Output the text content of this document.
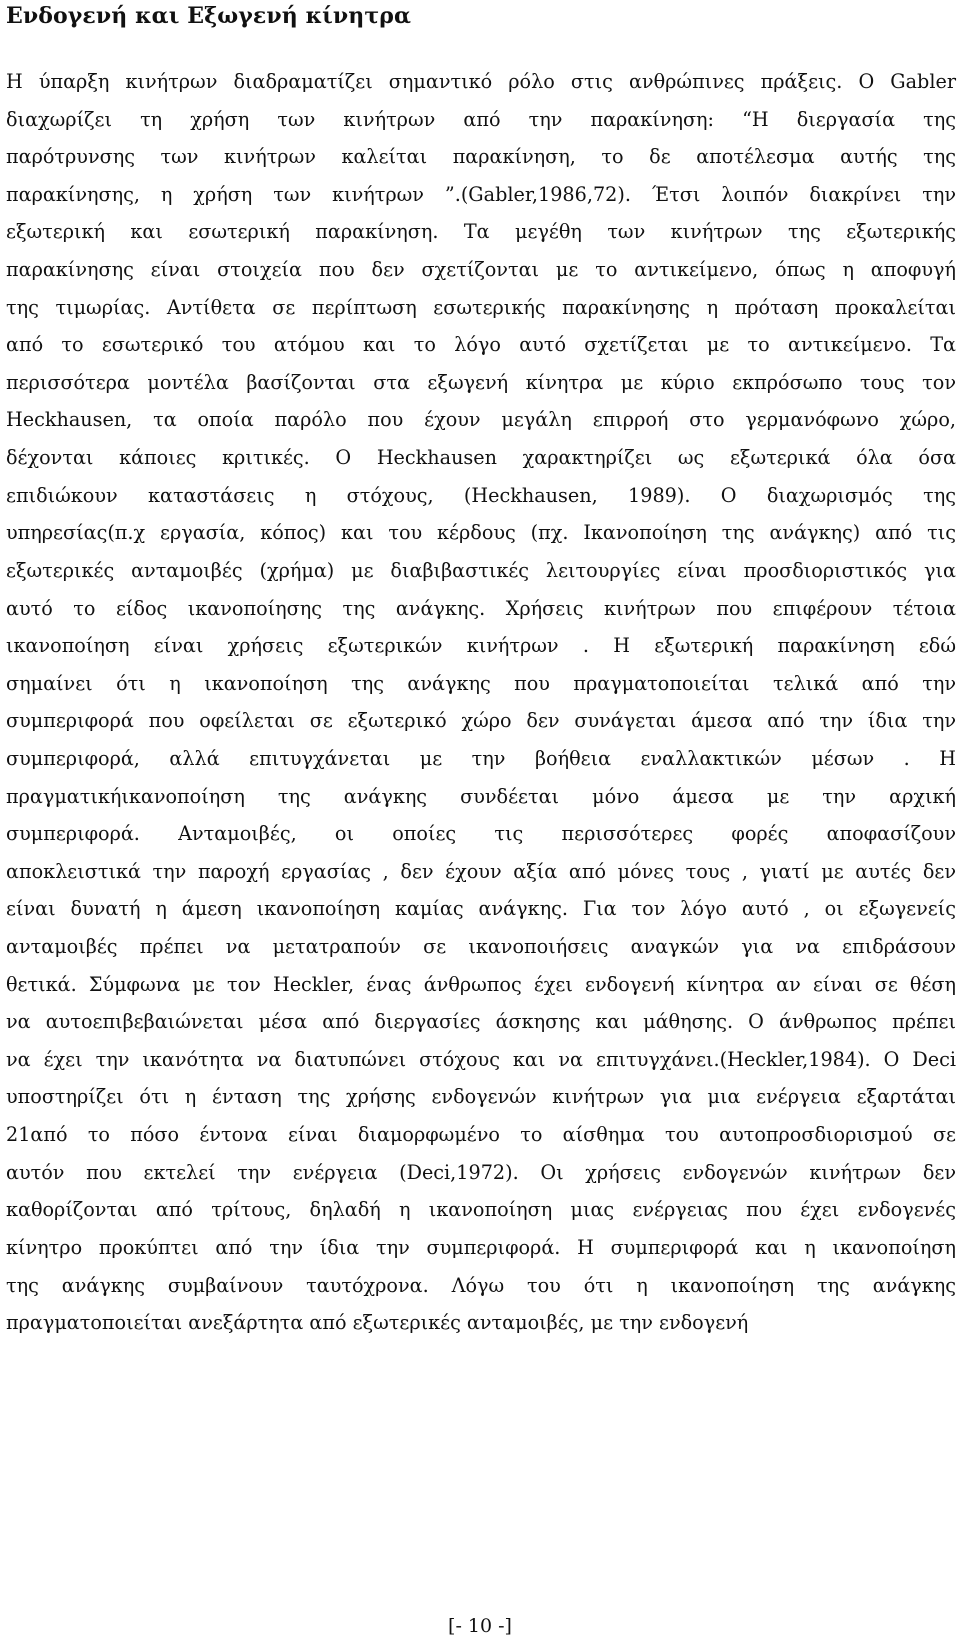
Ενδογενή και Εξωγενή κίνητρα
Η ύπαρξη κινήτρων διαδραματίζει σημαντικό ρόλο στις ανθρώπινες πράξεις. Ο Gabler
διαχωρίζει τη χρήση των κινήτρων από την παρακίνηση: “Η διεργασία της
παρότρυνσης των κινήτρων καλείται παρακίνηση, το δε αποτέλεσμα αυτής της
παρακίνησης, η χρήση των κινήτρων ”.(Gabler,1986,72). Έτσι λοιπόν διακρίνει την
εξωτερική και εσωτερική παρακίνηση. Τα μεγέθη των κινήτρων της εξωτερικής
παρακίνησης είναι στοιχεία που δεν σχετίζονται με το αντικείμενο, όπως η αποφυγή
της τιμωρίας. Αντίθετα σε περίπτωση εσωτερικής παρακίνησης η πρόταση προκαλείται
από το εσωτερικό του ατόμου και το λόγο αυτό σχετίζεται με το αντικείμενο. Τα
περισσότερα μοντέλα βασίζονται στα εξωγενή κίνητρα με κύριο εκπρόσωπο τους τον
Heckhausen, τα οποία παρόλο που έχουν μεγάλη επιρροή στο γερμανόφωνο χώρο,
δέχονται κάποιες κριτικές. Ο Heckhausen χαρακτηρίζει ως εξωτερικά όλα όσα
επιδιώκουν καταστάσεις η στόχους, (Heckhausen, 1989). Ο διαχωρισμός της
υπηρεσίας(π.χ εργασία, κόπος) και του κέρδους (πχ. Ικανοποίηση της ανάγκης) από τις
εξωτερικές ανταμοιβές (χρήμα) με διαβιβαστικές λειτουργίες είναι προσδιοριστικός για
αυτό το είδος ικανοποίησης της ανάγκης. Χρήσεις κινήτρων που επιφέρουν τέτοια
ικανοποίηση είναι χρήσεις εξωτερικών κινήτρων . Η εξωτερική παρακίνηση εδώ
σημαίνει ότι η ικανοποίηση της ανάγκης που πραγματοποιείται τελικά από την
συμπεριφορά που οφείλεται σε εξωτερικό χώρο δεν συνάγεται άμεσα από την ίδια την
συμπεριφορά, αλλά επιτυγχάνεται με την βοήθεια εναλλακτικών μέσων . Η
πραγματικήικανοποίηση της ανάγκης συνδέεται μόνο άμεσα με την αρχική
συμπεριφορά. Ανταμοιβές, οι οποίες τις περισσότερες φορές αποφασίζουν
αποκλειστικά την παροχή εργασίας , δεν έχουν αξία από μόνες τους , γιατί με αυτές δεν
είναι δυνατή η άμεση ικανοποίηση καμίας ανάγκης. Για τον λόγο αυτό , οι εξωγενείς
ανταμοιβές πρέπει να μετατραπούν σε ικανοποιήσεις αναγκών για να επιδράσουν
θετικά. Σύμφωνα με τον Heckler, ένας άνθρωπος έχει ενδογενή κίνητρα αν είναι σε θέση
να αυτοεπιβεβαιώνεται μέσα από διεργασίες άσκησης και μάθησης. Ο άνθρωπος πρέπει
να έχει την ικανότητα να διατυπώνει στόχους και να επιτυγχάνει.(Heckler,1984). Ο Deci
υποστηρίζει ότι η ένταση της χρήσης ενδογενών κινήτρων για μια ενέργεια εξαρτάται
21από το πόσο έντονα είναι διαμορφωμένο το αίσθημα του αυτοπροσδιορισμού σε
αυτόν που εκτελεί την ενέργεια (Deci,1972). Οι χρήσεις ενδογενών κινήτρων δεν
καθορίζονται από τρίτους, δηλαδή η ικανοποίηση μιας ενέργειας που έχει ενδογενές
κίνητρο προκύπτει από την ίδια την συμπεριφορά. Η συμπεριφορά και η ικανοποίηση
της ανάγκης συμβαίνουν ταυτόχρονα. Λόγω του ότι η ικανοποίηση της ανάγκης
πραγματοποιείται ανεξάρτητα από εξωτερικές ανταμοιβές, με την ενδογενή
[- 10 -]
